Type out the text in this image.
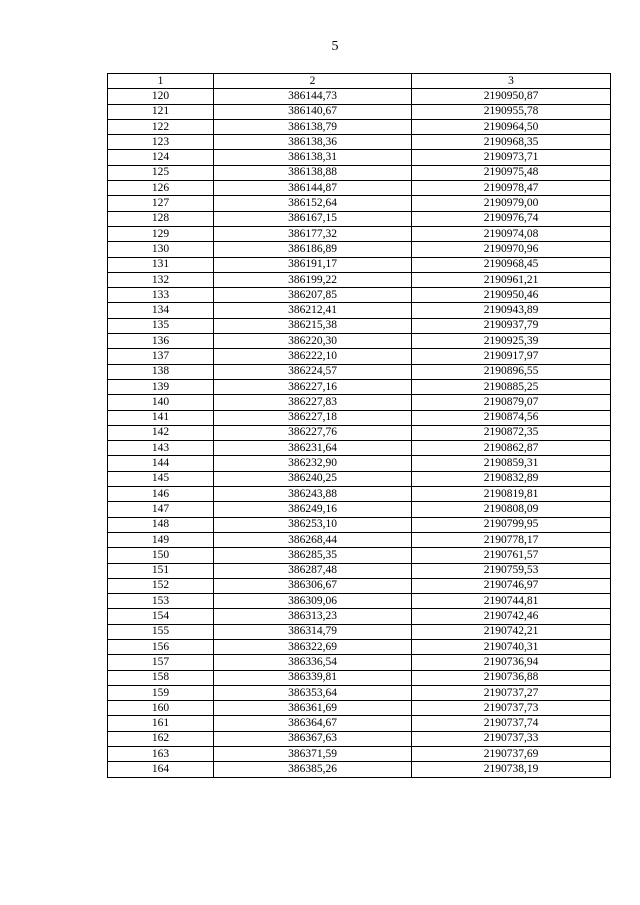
5
1	2	3
120	386144,73	2190950,87
121	386140,67	2190955,78
122	386138,79	2190964,50
123	386138,36	2190968,35
124	386138,31	2190973,71
125	386138,88	2190975,48
126	386144,87	2190978,47
127	386152,64	2190979,00
128	386167,15	2190976,74
129	386177,32	2190974,08
130	386186,89	2190970,96
131	386191,17	2190968,45
132	386199,22	2190961,21
133	386207,85	2190950,46
134	386212,41	2190943,89
135	386215,38	2190937,79
136	386220,30	2190925,39
137	386222,10	2190917,97
138	386224,57	2190896,55
139	386227,16	2190885,25
140	386227,83	2190879,07
141	386227,18	2190874,56
142	386227,76	2190872,35
143	386231,64	2190862,87
144	386232,90	2190859,31
145	386240,25	2190832,89
146	386243,88	2190819,81
147	386249,16	2190808,09
148	386253,10	2190799,95
149	386268,44	2190778,17
150	386285,35	2190761,57
151	386287,48	2190759,53
152	386306,67	2190746,97
153	386309,06	2190744,81
154	386313,23	2190742,46
155	386314,79	2190742,21
156	386322,69	2190740,31
157	386336,54	2190736,94
158	386339,81	2190736,88
159	386353,64	2190737,27
160	386361,69	2190737,73
161	386364,67	2190737,74
162	386367,63	2190737,33
163	386371,59	2190737,69
164	386385,26	2190738,19
